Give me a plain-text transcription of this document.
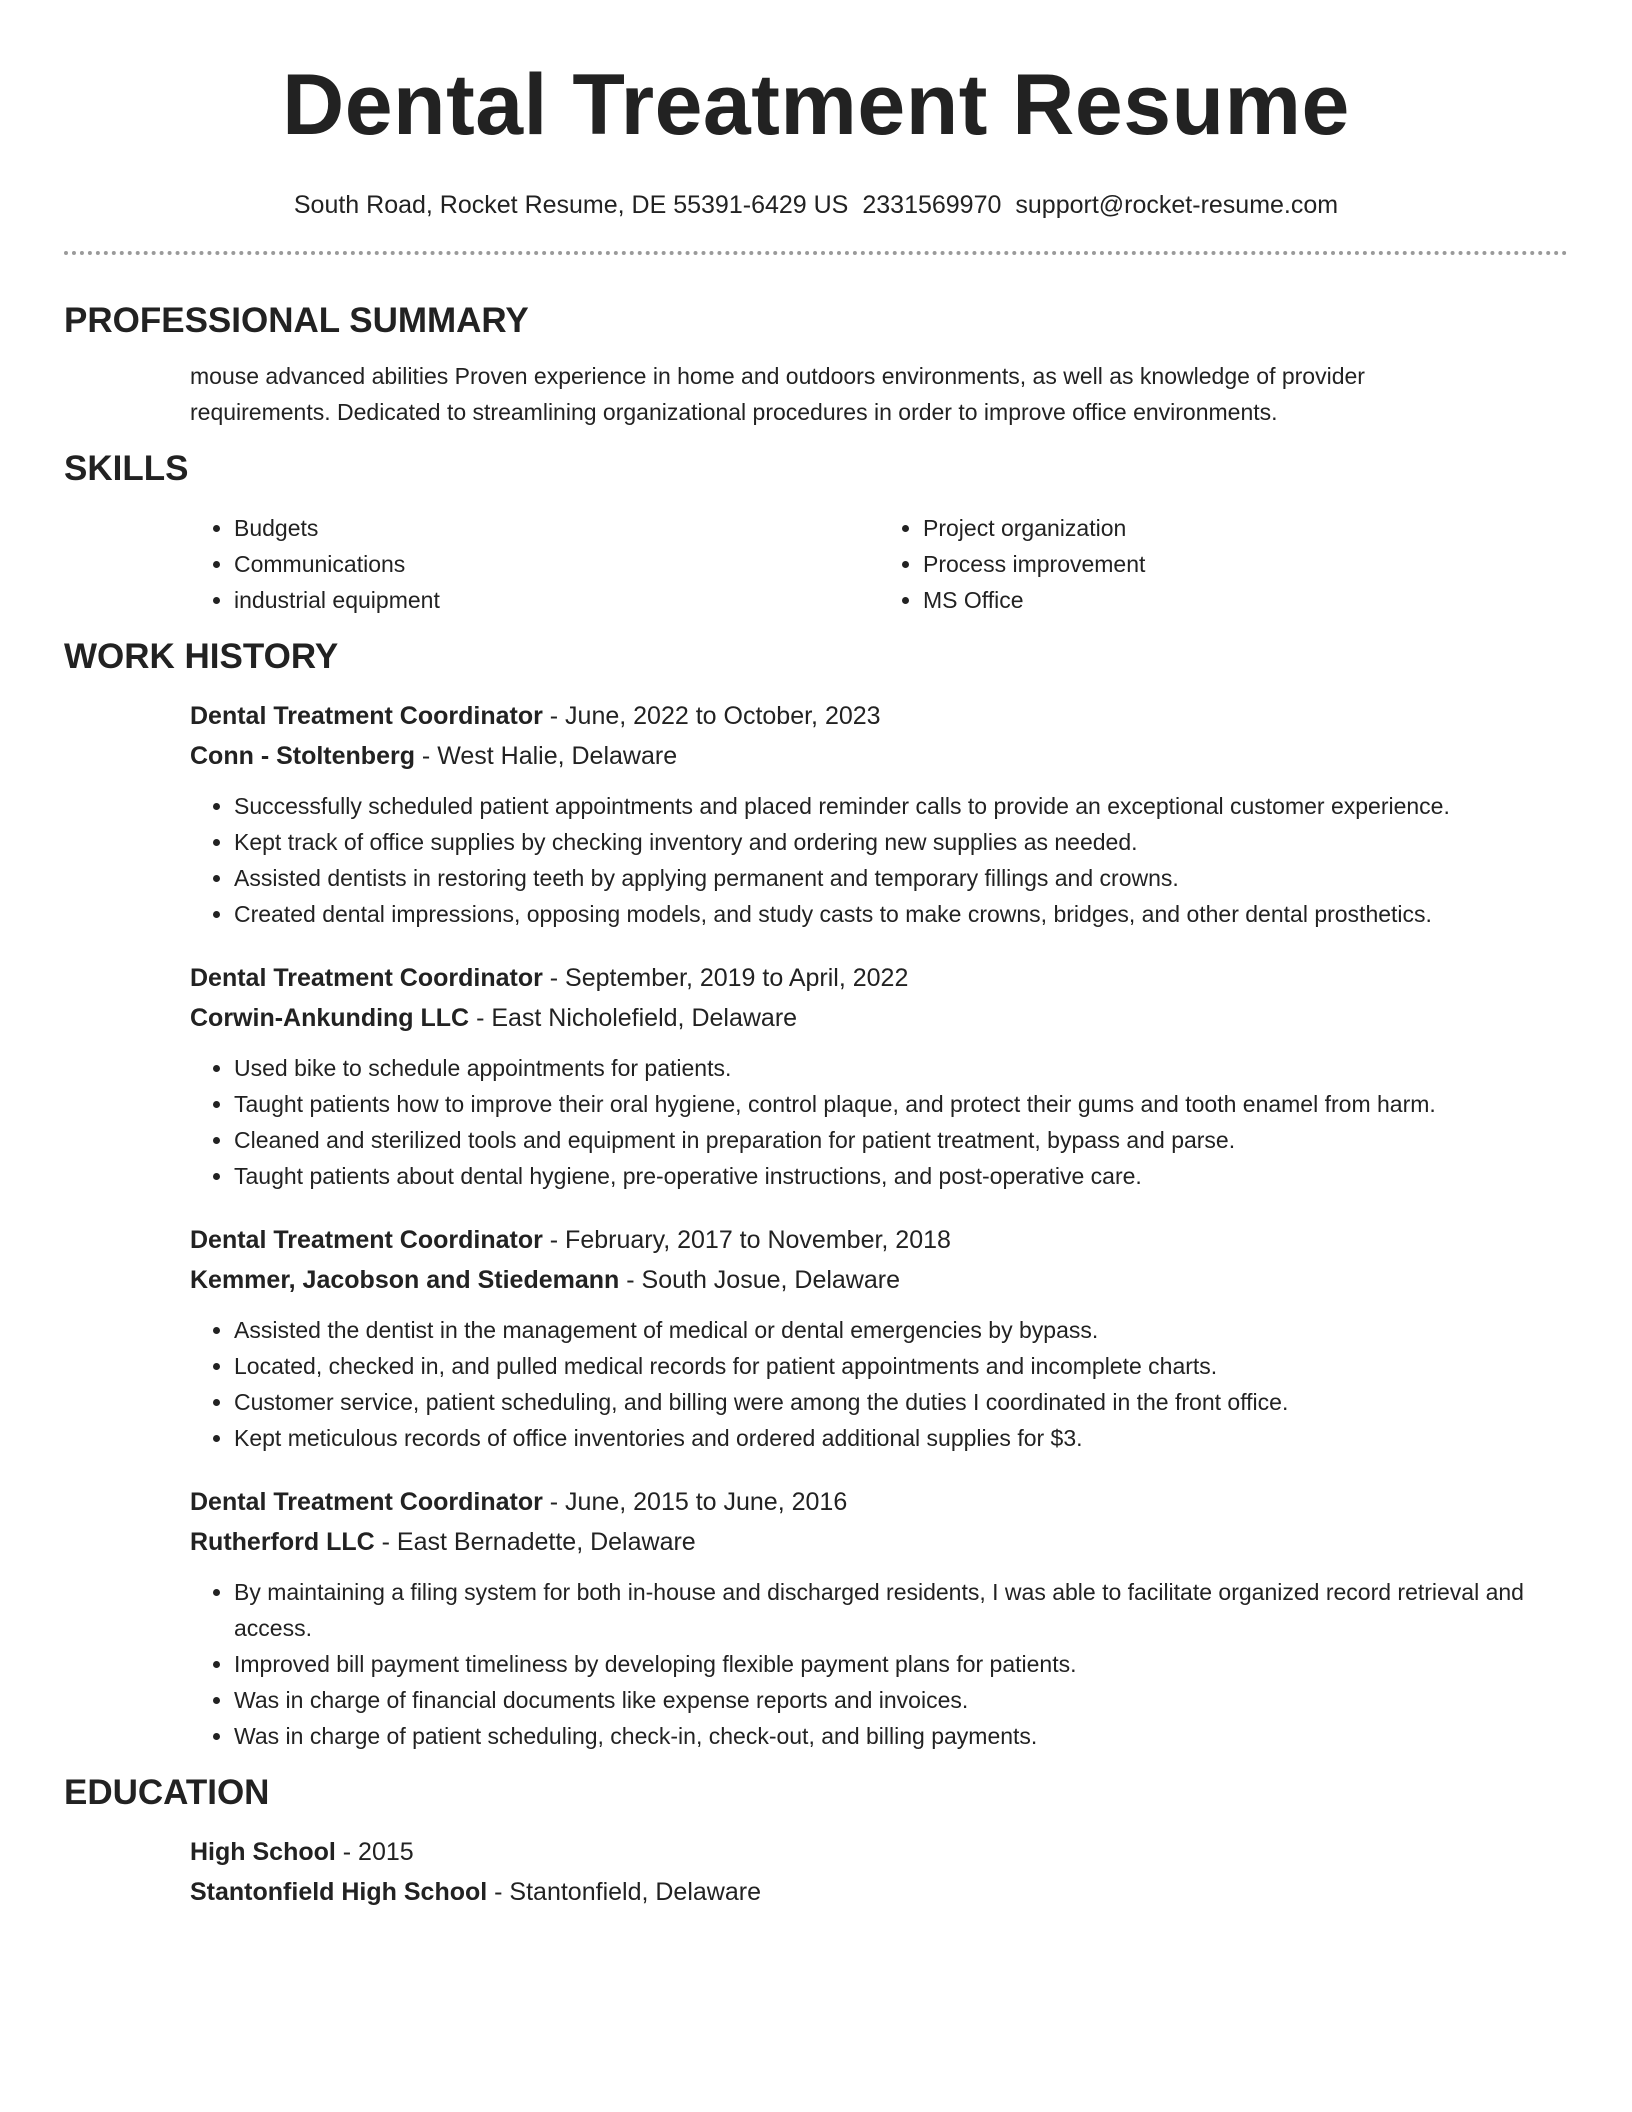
Dental Treatment Resume
South Road, Rocket Resume, DE 55391-6429 US 2331569970 support@rocket-resume.com
PROFESSIONAL SUMMARY
mouse advanced abilities Proven experience in home and outdoors environments, as well as knowledge of provider requirements. Dedicated to streamlining organizational procedures in order to improve office environments.
SKILLS
• Budgets
• Communications
• industrial equipment
• Project organization
• Process improvement
• MS Office
WORK HISTORY
Dental Treatment Coordinator - June, 2022 to October, 2023
Conn - Stoltenberg - West Halie, Delaware
• Successfully scheduled patient appointments and placed reminder calls to provide an exceptional customer experience.
• Kept track of office supplies by checking inventory and ordering new supplies as needed.
• Assisted dentists in restoring teeth by applying permanent and temporary fillings and crowns.
• Created dental impressions, opposing models, and study casts to make crowns, bridges, and other dental prosthetics.
Dental Treatment Coordinator - September, 2019 to April, 2022
Corwin-Ankunding LLC - East Nicholefield, Delaware
• Used bike to schedule appointments for patients.
• Taught patients how to improve their oral hygiene, control plaque, and protect their gums and tooth enamel from harm.
• Cleaned and sterilized tools and equipment in preparation for patient treatment, bypass and parse.
• Taught patients about dental hygiene, pre-operative instructions, and post-operative care.
Dental Treatment Coordinator - February, 2017 to November, 2018
Kemmer, Jacobson and Stiedemann - South Josue, Delaware
• Assisted the dentist in the management of medical or dental emergencies by bypass.
• Located, checked in, and pulled medical records for patient appointments and incomplete charts.
• Customer service, patient scheduling, and billing were among the duties I coordinated in the front office.
• Kept meticulous records of office inventories and ordered additional supplies for $3.
Dental Treatment Coordinator - June, 2015 to June, 2016
Rutherford LLC - East Bernadette, Delaware
• By maintaining a filing system for both in-house and discharged residents, I was able to facilitate organized record retrieval and access.
• Improved bill payment timeliness by developing flexible payment plans for patients.
• Was in charge of financial documents like expense reports and invoices.
• Was in charge of patient scheduling, check-in, check-out, and billing payments.
EDUCATION
High School - 2015
Stantonfield High School - Stantonfield, Delaware
